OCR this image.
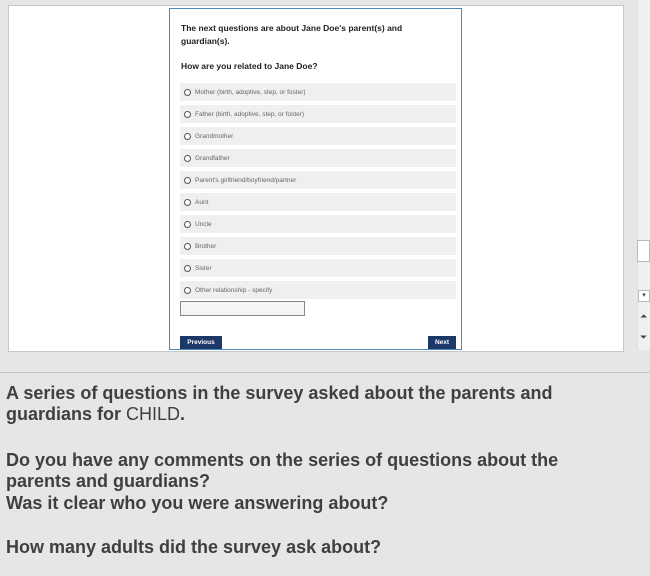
The next questions are about Jane Doe's parent(s) and guardian(s).
How are you related to Jane Doe?
Mother (birth, adoptive, step, or foster)
Father (birth, adoptive, step, or foster)
Grandmother
Grandfather
Parent's girlfriend/boyfriend/partner
Aunt
Uncle
Brother
Sister
Other relationship - specify
Previous	Next
▾
⏶
⏷
A series of questions in the survey asked about the parents and guardians for CHILD.
Do you have any comments on the series of questions about the parents and guardians?
Was it clear who you were answering about?
How many adults did the survey ask about?
